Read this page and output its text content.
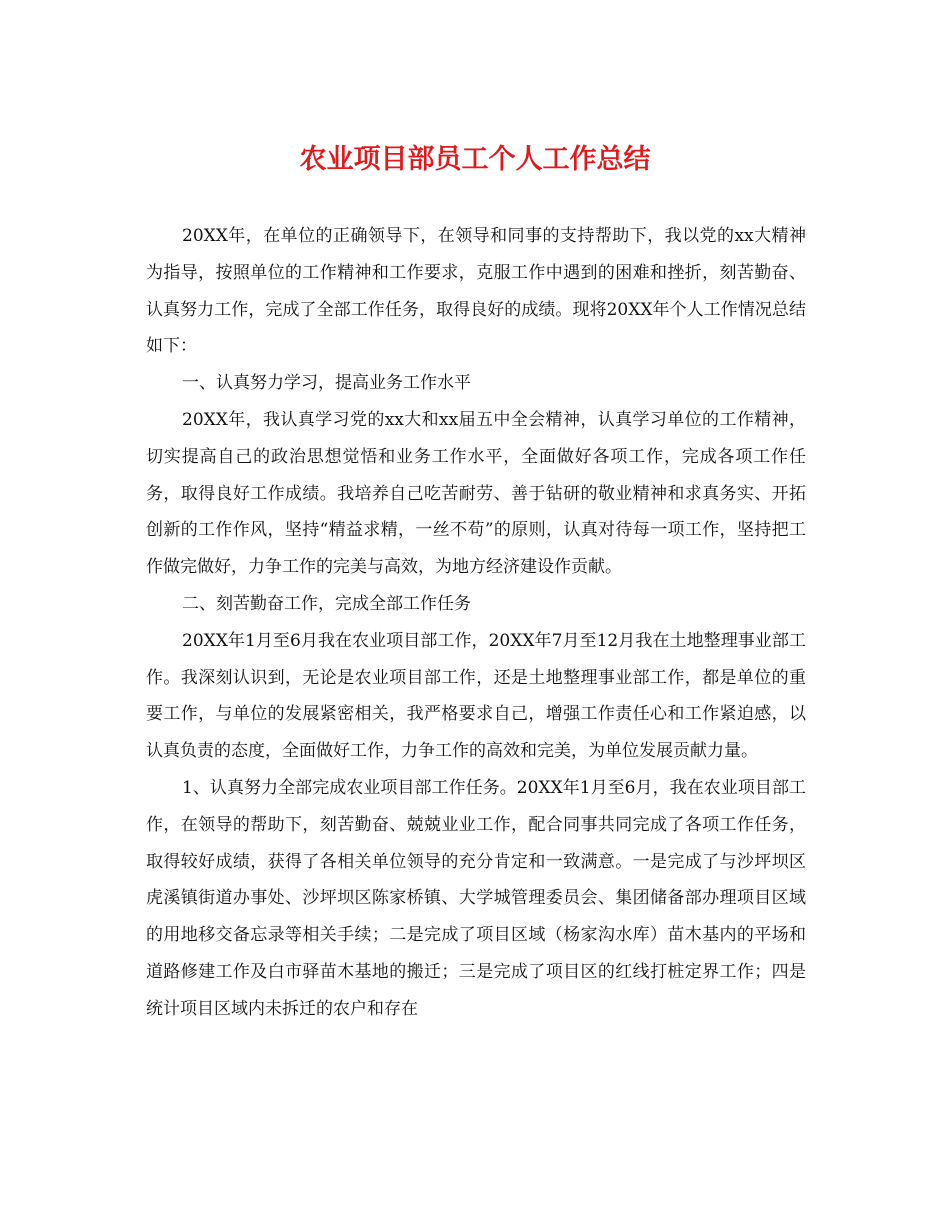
农业项目部员工个人工作总结

20XX年，在单位的正确领导下，在领导和同事的支持帮助下，我以党的xx大精神为指导，按照单位的工作精神和工作要求，克服工作中遇到的困难和挫折，刻苦勤奋、认真努力工作，完成了全部工作任务，取得良好的成绩。现将20XX年个人工作情况总结如下：

一、认真努力学习，提高业务工作水平

20XX年，我认真学习党的xx大和xx届五中全会精神，认真学习单位的工作精神，切实提高自己的政治思想觉悟和业务工作水平，全面做好各项工作，完成各项工作任务，取得良好工作成绩。我培养自己吃苦耐劳、善于钻研的敬业精神和求真务实、开拓创新的工作作风，坚持“精益求精，一丝不苟”的原则，认真对待每一项工作，坚持把工作做完做好，力争工作的完美与高效，为地方经济建设作贡献。

二、刻苦勤奋工作，完成全部工作任务

20XX年1月至6月我在农业项目部工作，20XX年7月至12月我在土地整理事业部工作。我深刻认识到，无论是农业项目部工作，还是土地整理事业部工作，都是单位的重要工作，与单位的发展紧密相关，我严格要求自己，增强工作责任心和工作紧迫感，以认真负责的态度，全面做好工作，力争工作的高效和完美，为单位发展贡献力量。

1、认真努力全部完成农业项目部工作任务。20XX年1月至6月，我在农业项目部工作，在领导的帮助下，刻苦勤奋、兢兢业业工作，配合同事共同完成了各项工作任务，取得较好成绩，获得了各相关单位领导的充分肯定和一致满意。一是完成了与沙坪坝区虎溪镇街道办事处、沙坪坝区陈家桥镇、大学城管理委员会、集团储备部办理项目区域的用地移交备忘录等相关手续；二是完成了项目区域（杨家沟水库）苗木基内的平场和道路修建工作及白市驿苗木基地的搬迁；三是完成了项目区的红线打桩定界工作；四是统计项目区域内未拆迁的农户和存在
